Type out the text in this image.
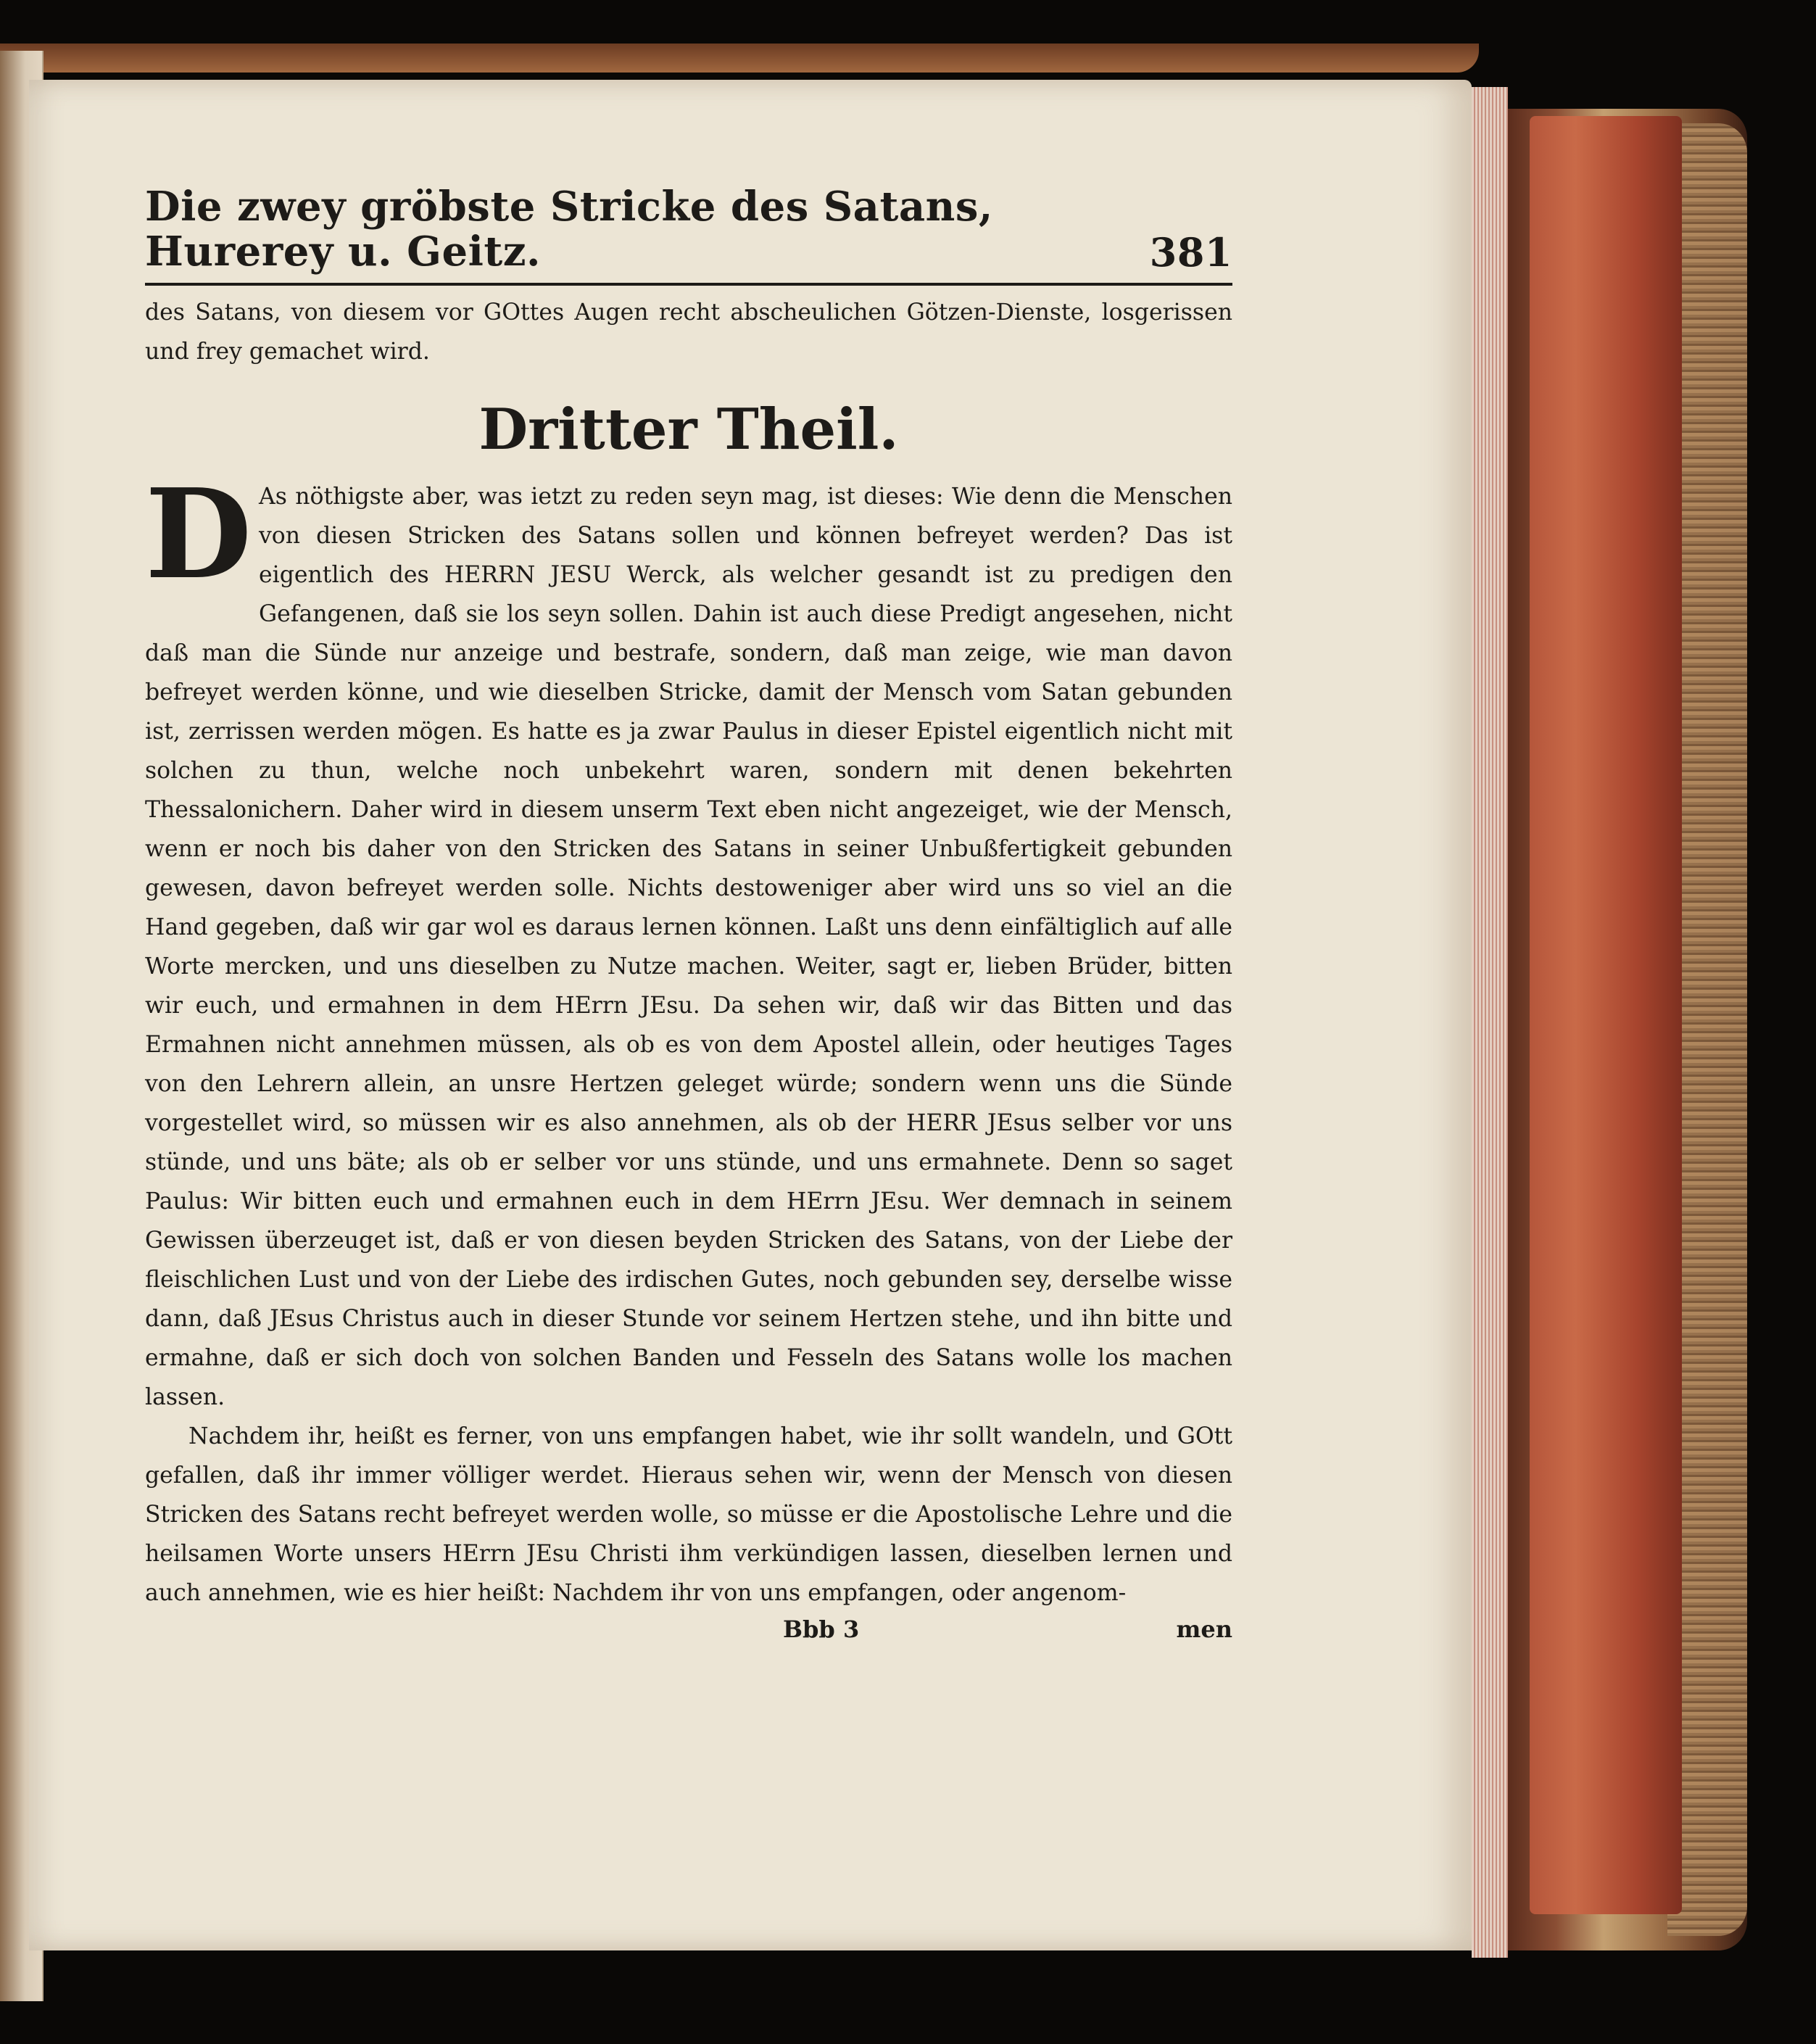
Die zwey gröbste Stricke des Satans, Hurerey u. Geitz.	381

des Satans, von diesem vor GOttes Augen recht abscheulichen Götzen-Dienste, losgerissen und frey gemachet wird.

Dritter Theil.
D As nöthigste aber, was ietzt zu reden seyn mag, ist dieses: Wie denn die Menschen von diesen Stricken des Satans sollen und können befreyet werden? Das ist eigentlich des HERRN JESU Werck, als welcher gesandt ist zu predigen den Gefangenen, daß sie los seyn sollen. Dahin ist auch diese Predigt angesehen, nicht daß man die Sünde nur anzeige und bestrafe, sondern, daß man zeige, wie man davon befreyet werden könne, und wie dieselben Stricke, damit der Mensch vom Satan gebunden ist, zerrissen werden mögen. Es hatte es ja zwar Paulus in dieser Epistel eigentlich nicht mit solchen zu thun, welche noch unbekehrt waren, sondern mit denen bekehrten Thessalonichern. Daher wird in diesem unserm Text eben nicht angezeiget, wie der Mensch, wenn er noch bis daher von den Stricken des Satans in seiner Unbußfertigkeit gebunden gewesen, davon befreyet werden solle. Nichts destoweniger aber wird uns so viel an die Hand gegeben, daß wir gar wol es daraus lernen können. Laßt uns denn einfältiglich auf alle Worte mercken, und uns dieselben zu Nutze machen. Weiter, sagt er, lieben Brüder, bitten wir euch, und ermahnen in dem HErrn JEsu. Da sehen wir, daß wir das Bitten und das Ermahnen nicht annehmen müssen, als ob es von dem Apostel allein, oder heutiges Tages von den Lehrern allein, an unsre Hertzen geleget würde; sondern wenn uns die Sünde vorgestellet wird, so müssen wir es also annehmen, als ob der HERR JEsus selber vor uns stünde, und uns bäte; als ob er selber vor uns stünde, und uns ermahnete. Denn so saget Paulus: Wir bitten euch und ermahnen euch in dem HErrn JEsu. Wer demnach in seinem Gewissen überzeuget ist, daß er von diesen beyden Stricken des Satans, von der Liebe der fleischlichen Lust und von der Liebe des irdischen Gutes, noch gebunden sey, derselbe wisse dann, daß JEsus Christus auch in dieser Stunde vor seinem Hertzen stehe, und ihn bitte und ermahne, daß er sich doch von solchen Banden und Fesseln des Satans wolle los machen lassen.

Nachdem ihr, heißt es ferner, von uns empfangen habet, wie ihr sollt wandeln, und GOtt gefallen, daß ihr immer völliger werdet. Hieraus sehen wir, wenn der Mensch von diesen Stricken des Satans recht befreyet werden wolle, so müsse er die Apostolische Lehre und die heilsamen Worte unsers HErrn JEsu Christi ihm verkündigen lassen, dieselben lernen und auch annehmen, wie es hier heißt: Nachdem ihr von uns empfangen, oder angenom-

Bbb 3	men
